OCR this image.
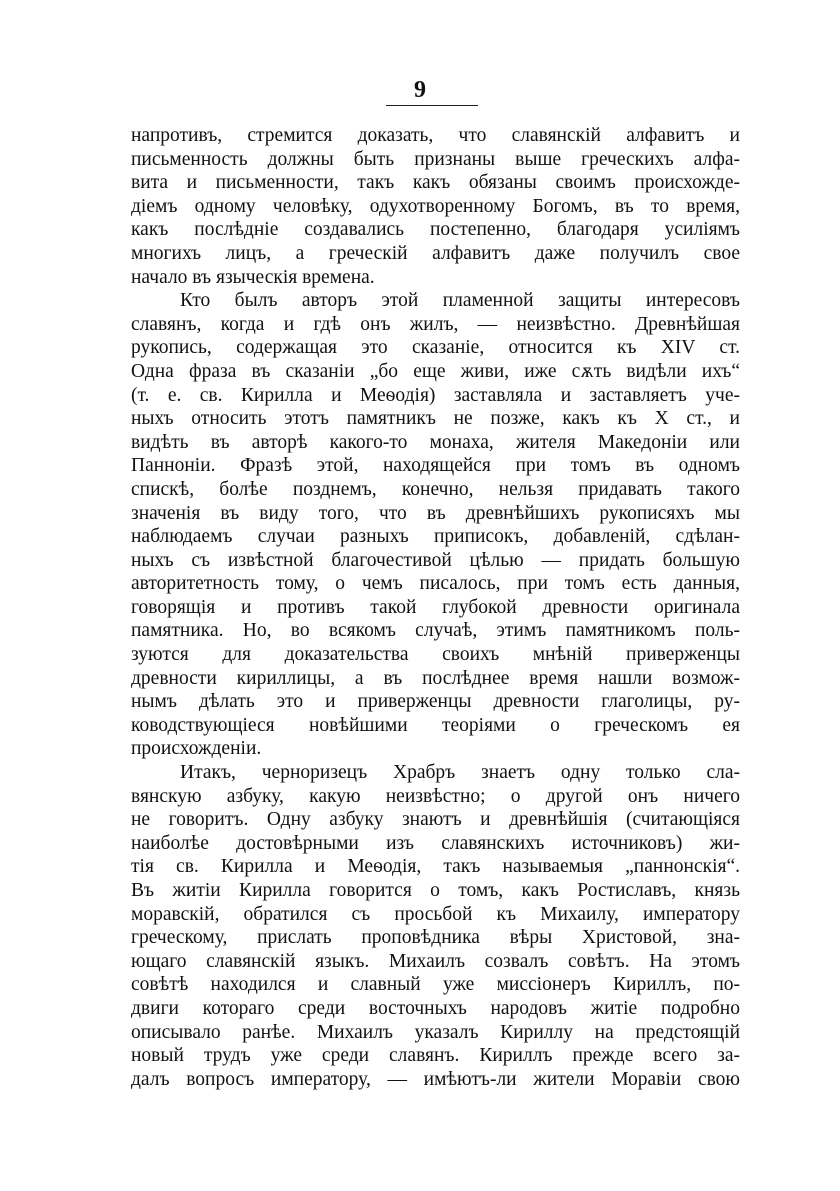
9
напротивъ, стремится доказать, что славянскій алфавитъ и
письменность должны быть признаны выше греческихъ алфа-
вита и письменности, такъ какъ обязаны своимъ происхожде-
діемъ одному человѣку, одухотворенному Богомъ, въ то время,
какъ послѣдніе создавались постепенно, благодаря усиліямъ
многихъ лицъ, а греческій алфавитъ даже получилъ свое
начало въ языческія времена.
Кто былъ авторъ этой пламенной защиты интересовъ
славянъ, когда и гдѣ онъ жилъ, — неизвѣстно. Древнѣйшая
рукопись, содержащая это сказаніе, относится къ XIV ст.
Одна фраза въ сказаніи „бо еще живи, иже сѫть видѣли ихъ“
(т. е. св. Кирилла и Меѳодія) заставляла и заставляетъ уче-
ныхъ относить этотъ памятникъ не позже, какъ къ X ст., и
видѣть въ авторѣ какого-то монаха, жителя Македоніи или
Паннонiи. Фразѣ этой, находящейся при томъ въ одномъ
спискѣ, болѣе позднемъ, конечно, нельзя придавать такого
значенія въ виду того, что въ древнѣйшихъ рукописяхъ мы
наблюдаемъ случаи разныхъ приписокъ, добавленій, сдѣлан-
ныхъ съ извѣстной благочестивой цѣлью — придать большую
авторитетность тому, о чемъ писалось, при томъ есть данныя,
говорящія и противъ такой глубокой древности оригинала
памятника. Но, во всякомъ случаѣ, этимъ памятникомъ поль-
зуются для доказательства своихъ мнѣній приверженцы
древности кириллицы, а въ послѣднее время нашли возмож-
нымъ дѣлать это и приверженцы древности глаголицы, ру-
ководствующіеся новѣйшими теоріями о греческомъ ея
происхожденіи.
Итакъ, черноризецъ Храбръ знаетъ одну только сла-
вянскую азбуку, какую неизвѣстно; о другой онъ ничего
не говоритъ. Одну азбуку знаютъ и древнѣйшія (считающіяся
наиболѣе достовѣрными изъ славянскихъ источниковъ) жи-
тія св. Кирилла и Меѳодія, такъ называемыя „паннонскія“.
Въ житіи Кирилла говорится о томъ, какъ Ростиславъ, князь
моравскій, обратился съ просьбой къ Михаилу, императору
греческому, прислать проповѣдника вѣры Христовой, зна-
ющаго славянскій языкъ. Михаилъ созвалъ совѣтъ. На этомъ
совѣтѣ находился и славный уже миссіонеръ Кириллъ, по-
двиги котораго среди восточныхъ народовъ житіе подробно
описывало ранѣе. Михаилъ указалъ Кириллу на предстоящій
новый трудъ уже среди славянъ. Кириллъ прежде всего за-
далъ вопросъ императору, — имѣютъ-ли жители Моравіи свою
